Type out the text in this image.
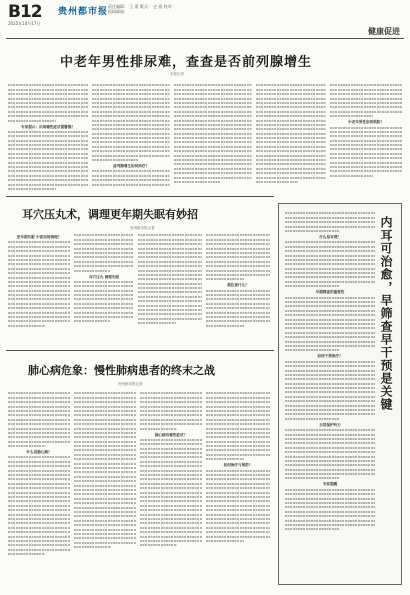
B12 贵州都市报
责任编辑： 王 燕 版式： 史 燕 校对：
投稿邮箱：
2025年10月17日
健康促进
中老年男性排尿难，查查是否前列腺增生
本报记者
专家提示：出现哪些症状需警惕？
前列腺增生如何治疗？
中老年男性如何预防？
耳穴压丸术，调理更年期失眠有妙招
贵州都市报记者
更年期失眠 中医如何调理？
耳穴压丸 调理失眠
需注意什么？
肺心病危象：慢性肺病患者的终末之战
贵州都市报记者
什么是肺心病？
肺心病有哪些症状？
如何治疗与预防？
内耳可治愈，早筛查早干预是关键
什么是耳聋？
早期筛查的重要性
如何干预治疗？
日常保护听力
专家提醒
